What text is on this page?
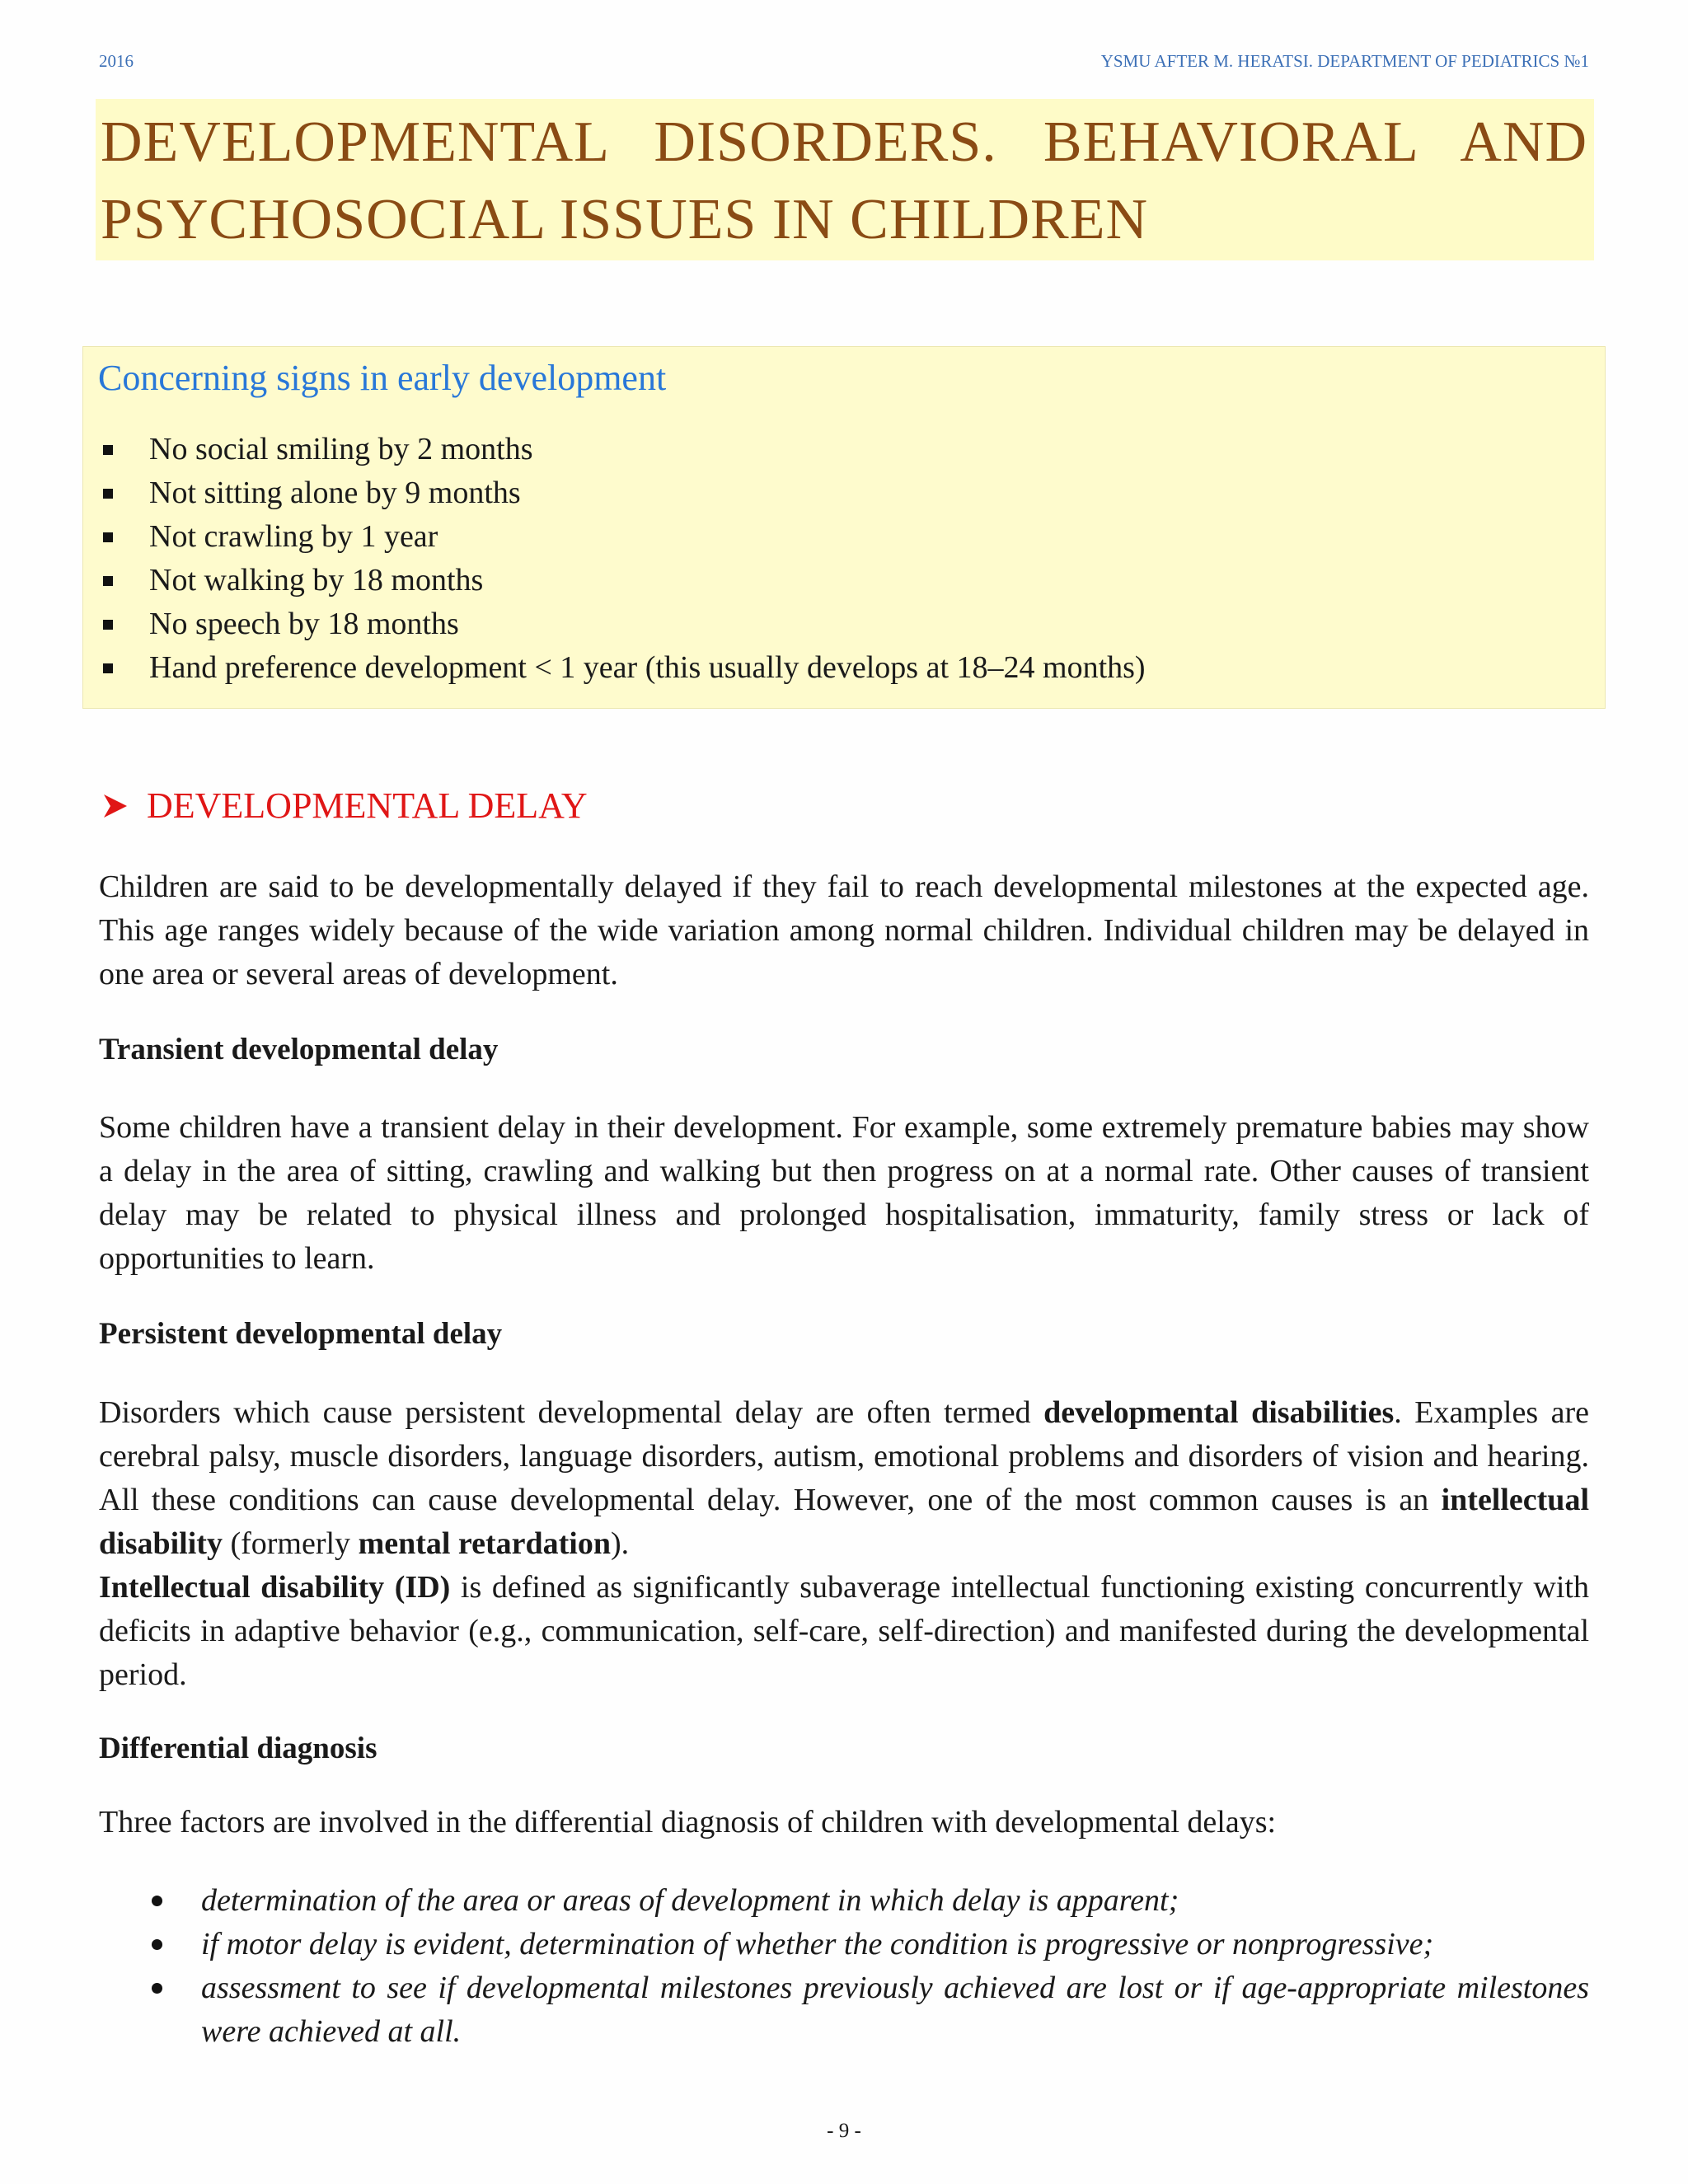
2016	YSMU AFTER M. HERATSI. DEPARTMENT OF PEDIATRICS №1
DEVELOPMENTAL DISORDERS. BEHAVIORAL AND
PSYCHOSOCIAL ISSUES IN CHILDREN
Concerning signs in early development
No social smiling by 2 months
Not sitting alone by 9 months
Not crawling by 1 year
Not walking by 18 months
No speech by 18 months
Hand preference development < 1 year (this usually develops at 18–24 months)
DEVELOPMENTAL DELAY

Children are said to be developmentally delayed if they fail to reach developmental milestones at the expected age. This age ranges widely because of the wide variation among normal children. Individual children may be delayed in one area or several areas of development.

Transient developmental delay

Some children have a transient delay in their development. For example, some extremely premature babies may show a delay in the area of sitting, crawling and walking but then progress on at a normal rate. Other causes of transient delay may be related to physical illness and prolonged hospitalisation, immaturity, family stress or lack of opportunities to learn.

Persistent developmental delay

Disorders which cause persistent developmental delay are often termed developmental disabilities. Examples are cerebral palsy, muscle disorders, language disorders, autism, emotional problems and disorders of vision and hearing. All these conditions can cause developmental delay. However, one of the most common causes is an intellectual disability (formerly mental retardation).

Intellectual disability (ID) is defined as significantly subaverage intellectual functioning existing concurrently with deficits in adaptive behavior (e.g., communication, self-care, self-direction) and manifested during the developmental period.

Differential diagnosis

Three factors are involved in the differential diagnosis of children with developmental delays:

determination of the area or areas of development in which delay is apparent;
if motor delay is evident, determination of whether the condition is progressive or nonprogressive;
assessment to see if developmental milestones previously achieved are lost or if age-appropriate milestones were achieved at all.
- 9 -
